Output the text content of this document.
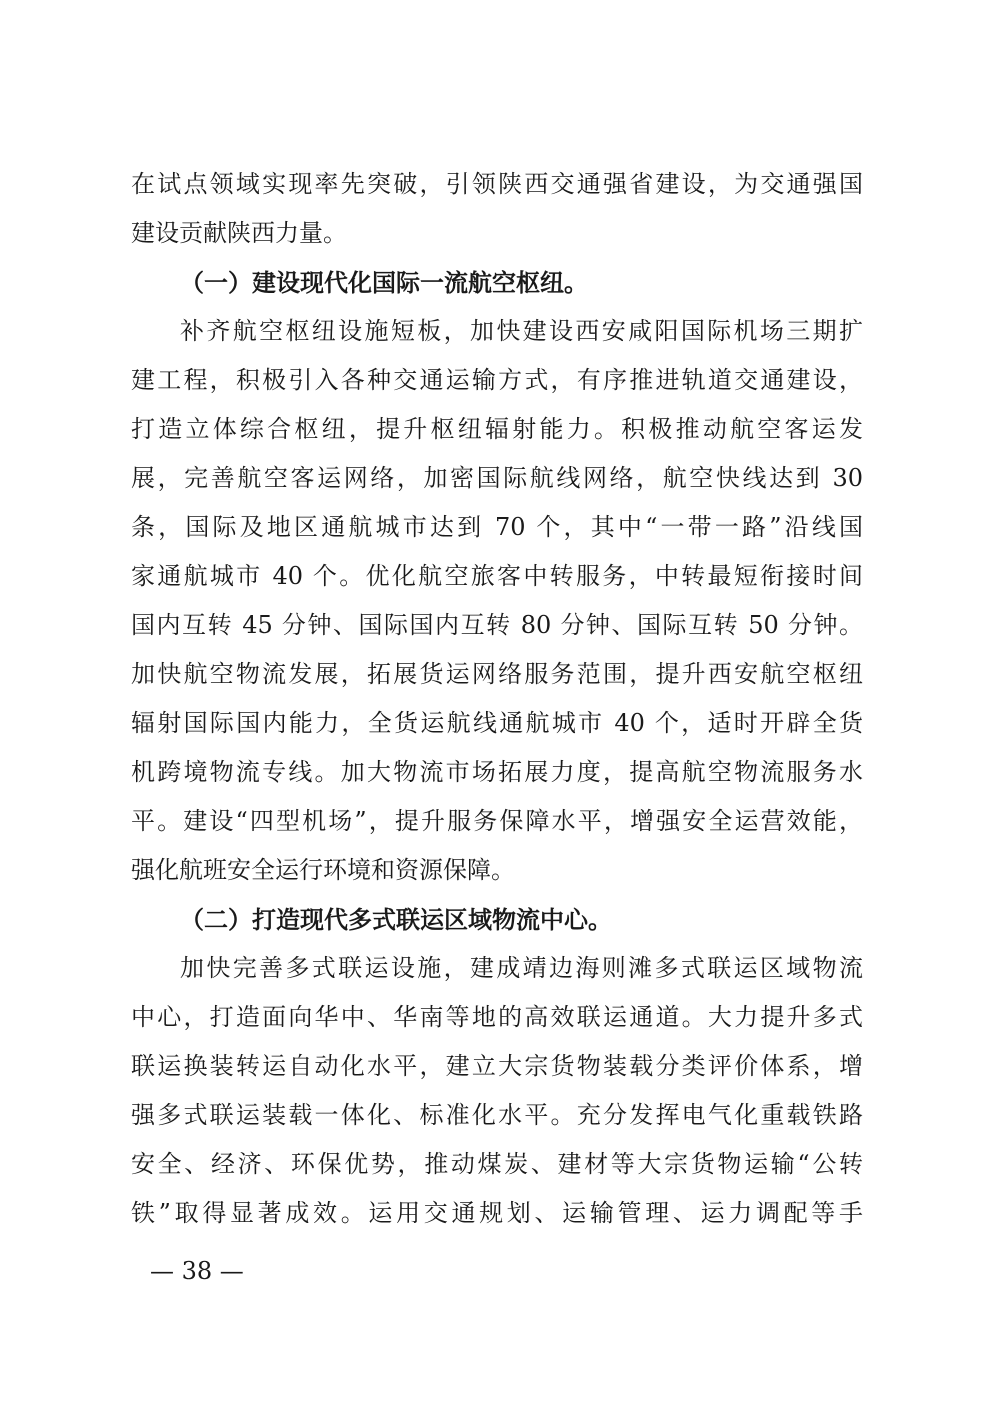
在试点领域实现率先突破，引领陕西交通强省建设，为交通强国
建设贡献陕西力量。
（一）建设现代化国际一流航空枢纽。
补齐航空枢纽设施短板，加快建设西安咸阳国际机场三期扩
建工程，积极引入各种交通运输方式，有序推进轨道交通建设，
打造立体综合枢纽，提升枢纽辐射能力。积极推动航空客运发
展，完善航空客运网络，加密国际航线网络，航空快线达到 30
条，国际及地区通航城市达到 70 个，其中“一带一路”沿线国
家通航城市 40 个。优化航空旅客中转服务，中转最短衔接时间
国内互转 45 分钟、国际国内互转 80 分钟、国际互转 50 分钟。
加快航空物流发展，拓展货运网络服务范围，提升西安航空枢纽
辐射国际国内能力，全货运航线通航城市 40 个，适时开辟全货
机跨境物流专线。加大物流市场拓展力度，提高航空物流服务水
平。建设“四型机场”，提升服务保障水平，增强安全运营效能，
强化航班安全运行环境和资源保障。
（二）打造现代多式联运区域物流中心。
加快完善多式联运设施，建成靖边海则滩多式联运区域物流
中心，打造面向华中、华南等地的高效联运通道。大力提升多式
联运换装转运自动化水平，建立大宗货物装载分类评价体系，增
强多式联运装载一体化、标准化水平。充分发挥电气化重载铁路
安全、经济、环保优势，推动煤炭、建材等大宗货物运输“公转
铁”取得显著成效。运用交通规划、运输管理、运力调配等手
— 38 —
